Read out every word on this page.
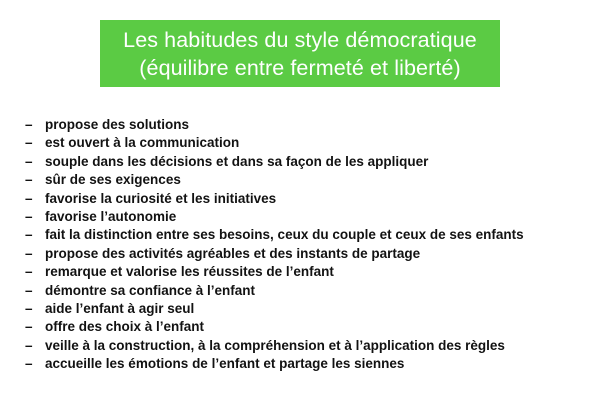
Les habitudes du style démocratique
(équilibre entre fermeté et liberté)
– propose des solutions
– est ouvert à la communication
– souple dans les décisions et dans sa façon de les appliquer
– sûr de ses exigences
– favorise la curiosité et les initiatives
– favorise l’autonomie
– fait la distinction entre ses besoins, ceux du couple et ceux de ses enfants
– propose des activités agréables et des instants de partage
– remarque et valorise les réussites de l’enfant
– démontre sa confiance à l’enfant
– aide l’enfant à agir seul
– offre des choix à l’enfant
– veille à la construction, à la compréhension et à l’application des règles
– accueille les émotions de l’enfant et partage les siennes
